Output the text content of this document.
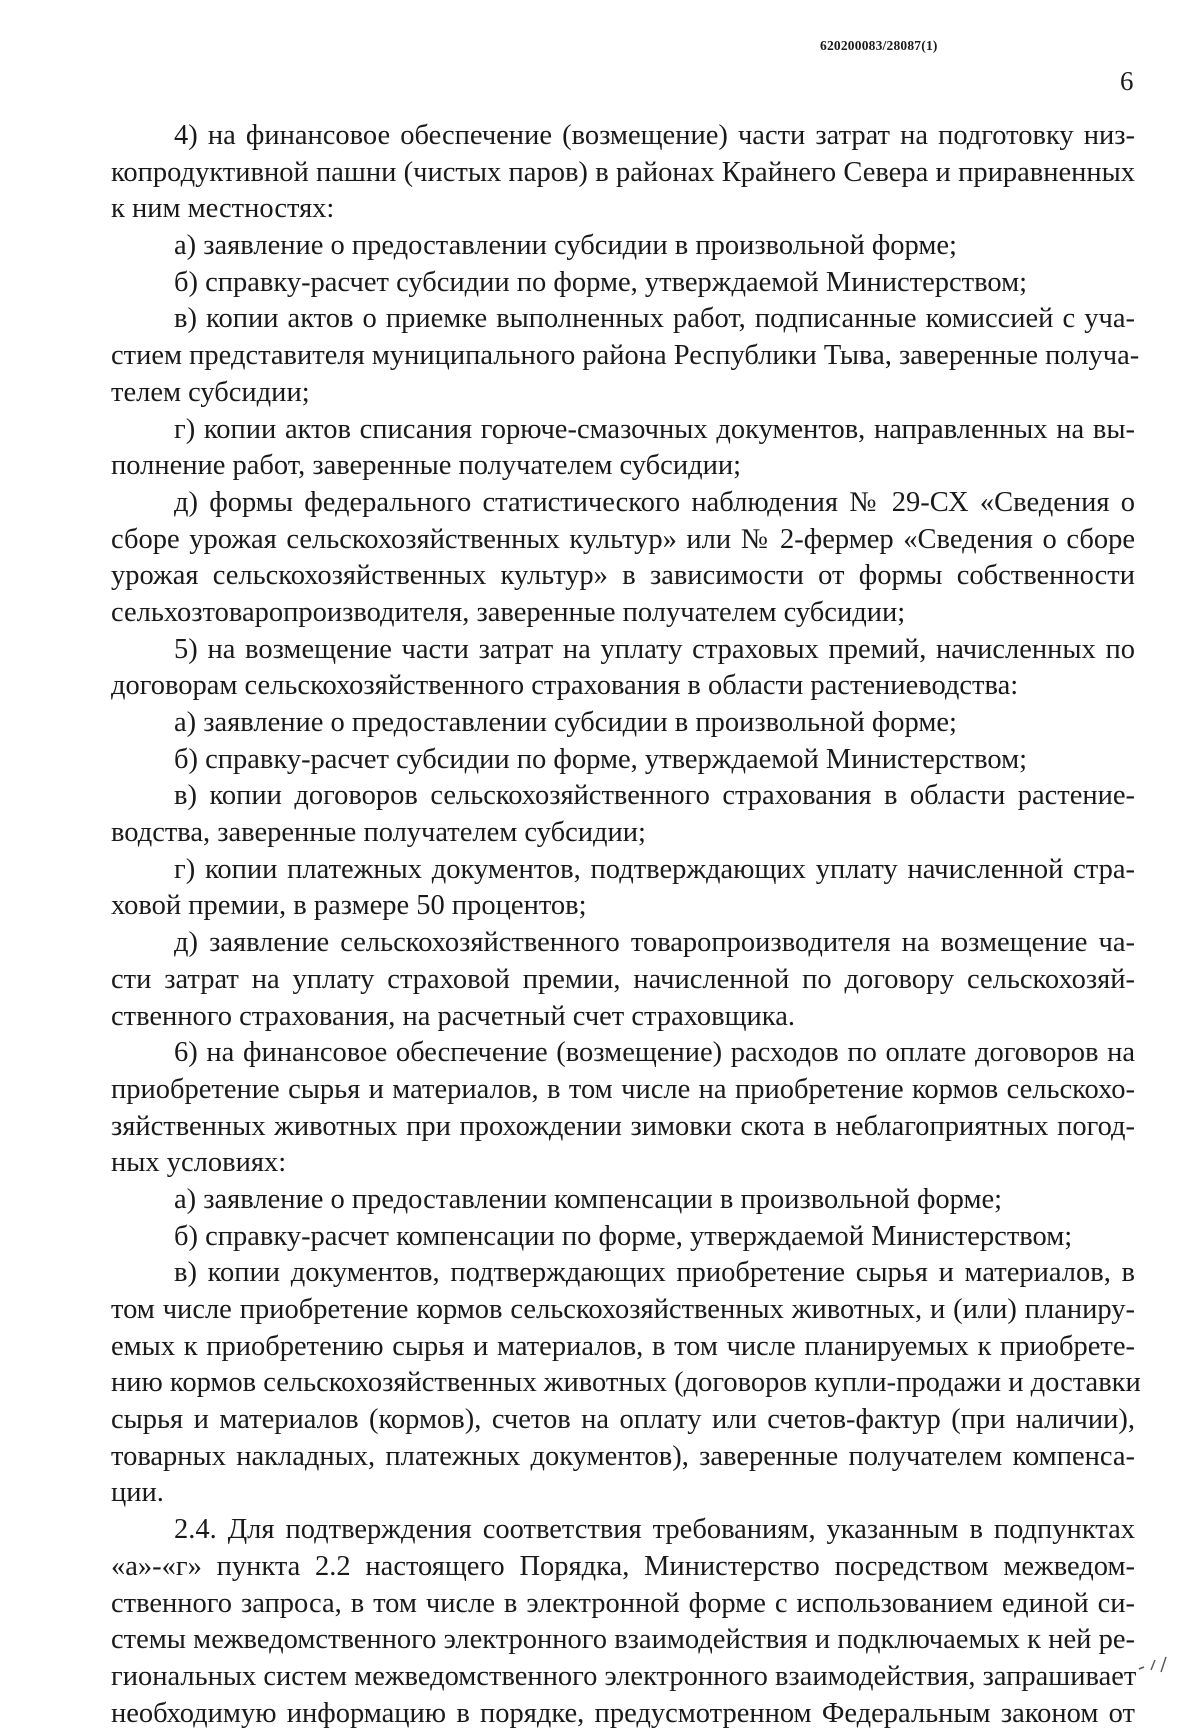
620200083/28087(1)
6
4) на финансовое обеспечение (возмещение) части затрат на подготовку низ-
копродуктивной пашни (чистых паров) в районах Крайнего Севера и приравненных
к ним местностях:
а) заявление о предоставлении субсидии в произвольной форме;
б) справку-расчет субсидии по форме, утверждаемой Министерством;
в) копии актов о приемке выполненных работ, подписанные комиссией с уча-
стием представителя муниципального района Республики Тыва, заверенные получа-
телем субсидии;
г) копии актов списания горюче-смазочных документов, направленных на вы-
полнение работ, заверенные получателем субсидии;
д) формы федерального статистического наблюдения № 29-СХ «Сведения о
сборе урожая сельскохозяйственных культур» или № 2-фермер «Сведения о сборе
урожая сельскохозяйственных культур» в зависимости от формы собственности
сельхозтоваропроизводителя, заверенные получателем субсидии;
5) на возмещение части затрат на уплату страховых премий, начисленных по
договорам сельскохозяйственного страхования в области растениеводства:
а) заявление о предоставлении субсидии в произвольной форме;
б) справку-расчет субсидии по форме, утверждаемой Министерством;
в) копии договоров сельскохозяйственного страхования в области растение-
водства, заверенные получателем субсидии;
г) копии платежных документов, подтверждающих уплату начисленной стра-
ховой премии, в размере 50 процентов;
д) заявление сельскохозяйственного товаропроизводителя на возмещение ча-
сти затрат на уплату страховой премии, начисленной по договору сельскохозяй-
ственного страхования, на расчетный счет страховщика.
6) на финансовое обеспечение (возмещение) расходов по оплате договоров на
приобретение сырья и материалов, в том числе на приобретение кормов сельскохо-
зяйственных животных при прохождении зимовки скота в неблагоприятных погод-
ных условиях:
а) заявление о предоставлении компенсации в произвольной форме;
б) справку-расчет компенсации по форме, утверждаемой Министерством;
в) копии документов, подтверждающих приобретение сырья и материалов, в
том числе приобретение кормов сельскохозяйственных животных, и (или) планиру-
емых к приобретению сырья и материалов, в том числе планируемых к приобрете-
нию кормов сельскохозяйственных животных (договоров купли-продажи и доставки
сырья и материалов (кормов), счетов на оплату или счетов-фактур (при наличии),
товарных накладных, платежных документов), заверенные получателем компенса-
ции.
2.4. Для подтверждения соответствия требованиям, указанным в подпунктах
«а»-«г» пункта 2.2 настоящего Порядка, Министерство посредством межведом-
ственного запроса, в том числе в электронной форме с использованием единой си-
стемы межведомственного электронного взаимодействия и подключаемых к ней ре-
гиональных систем межведомственного электронного взаимодействия, запрашивает
необходимую информацию в порядке, предусмотренном Федеральным законом от
